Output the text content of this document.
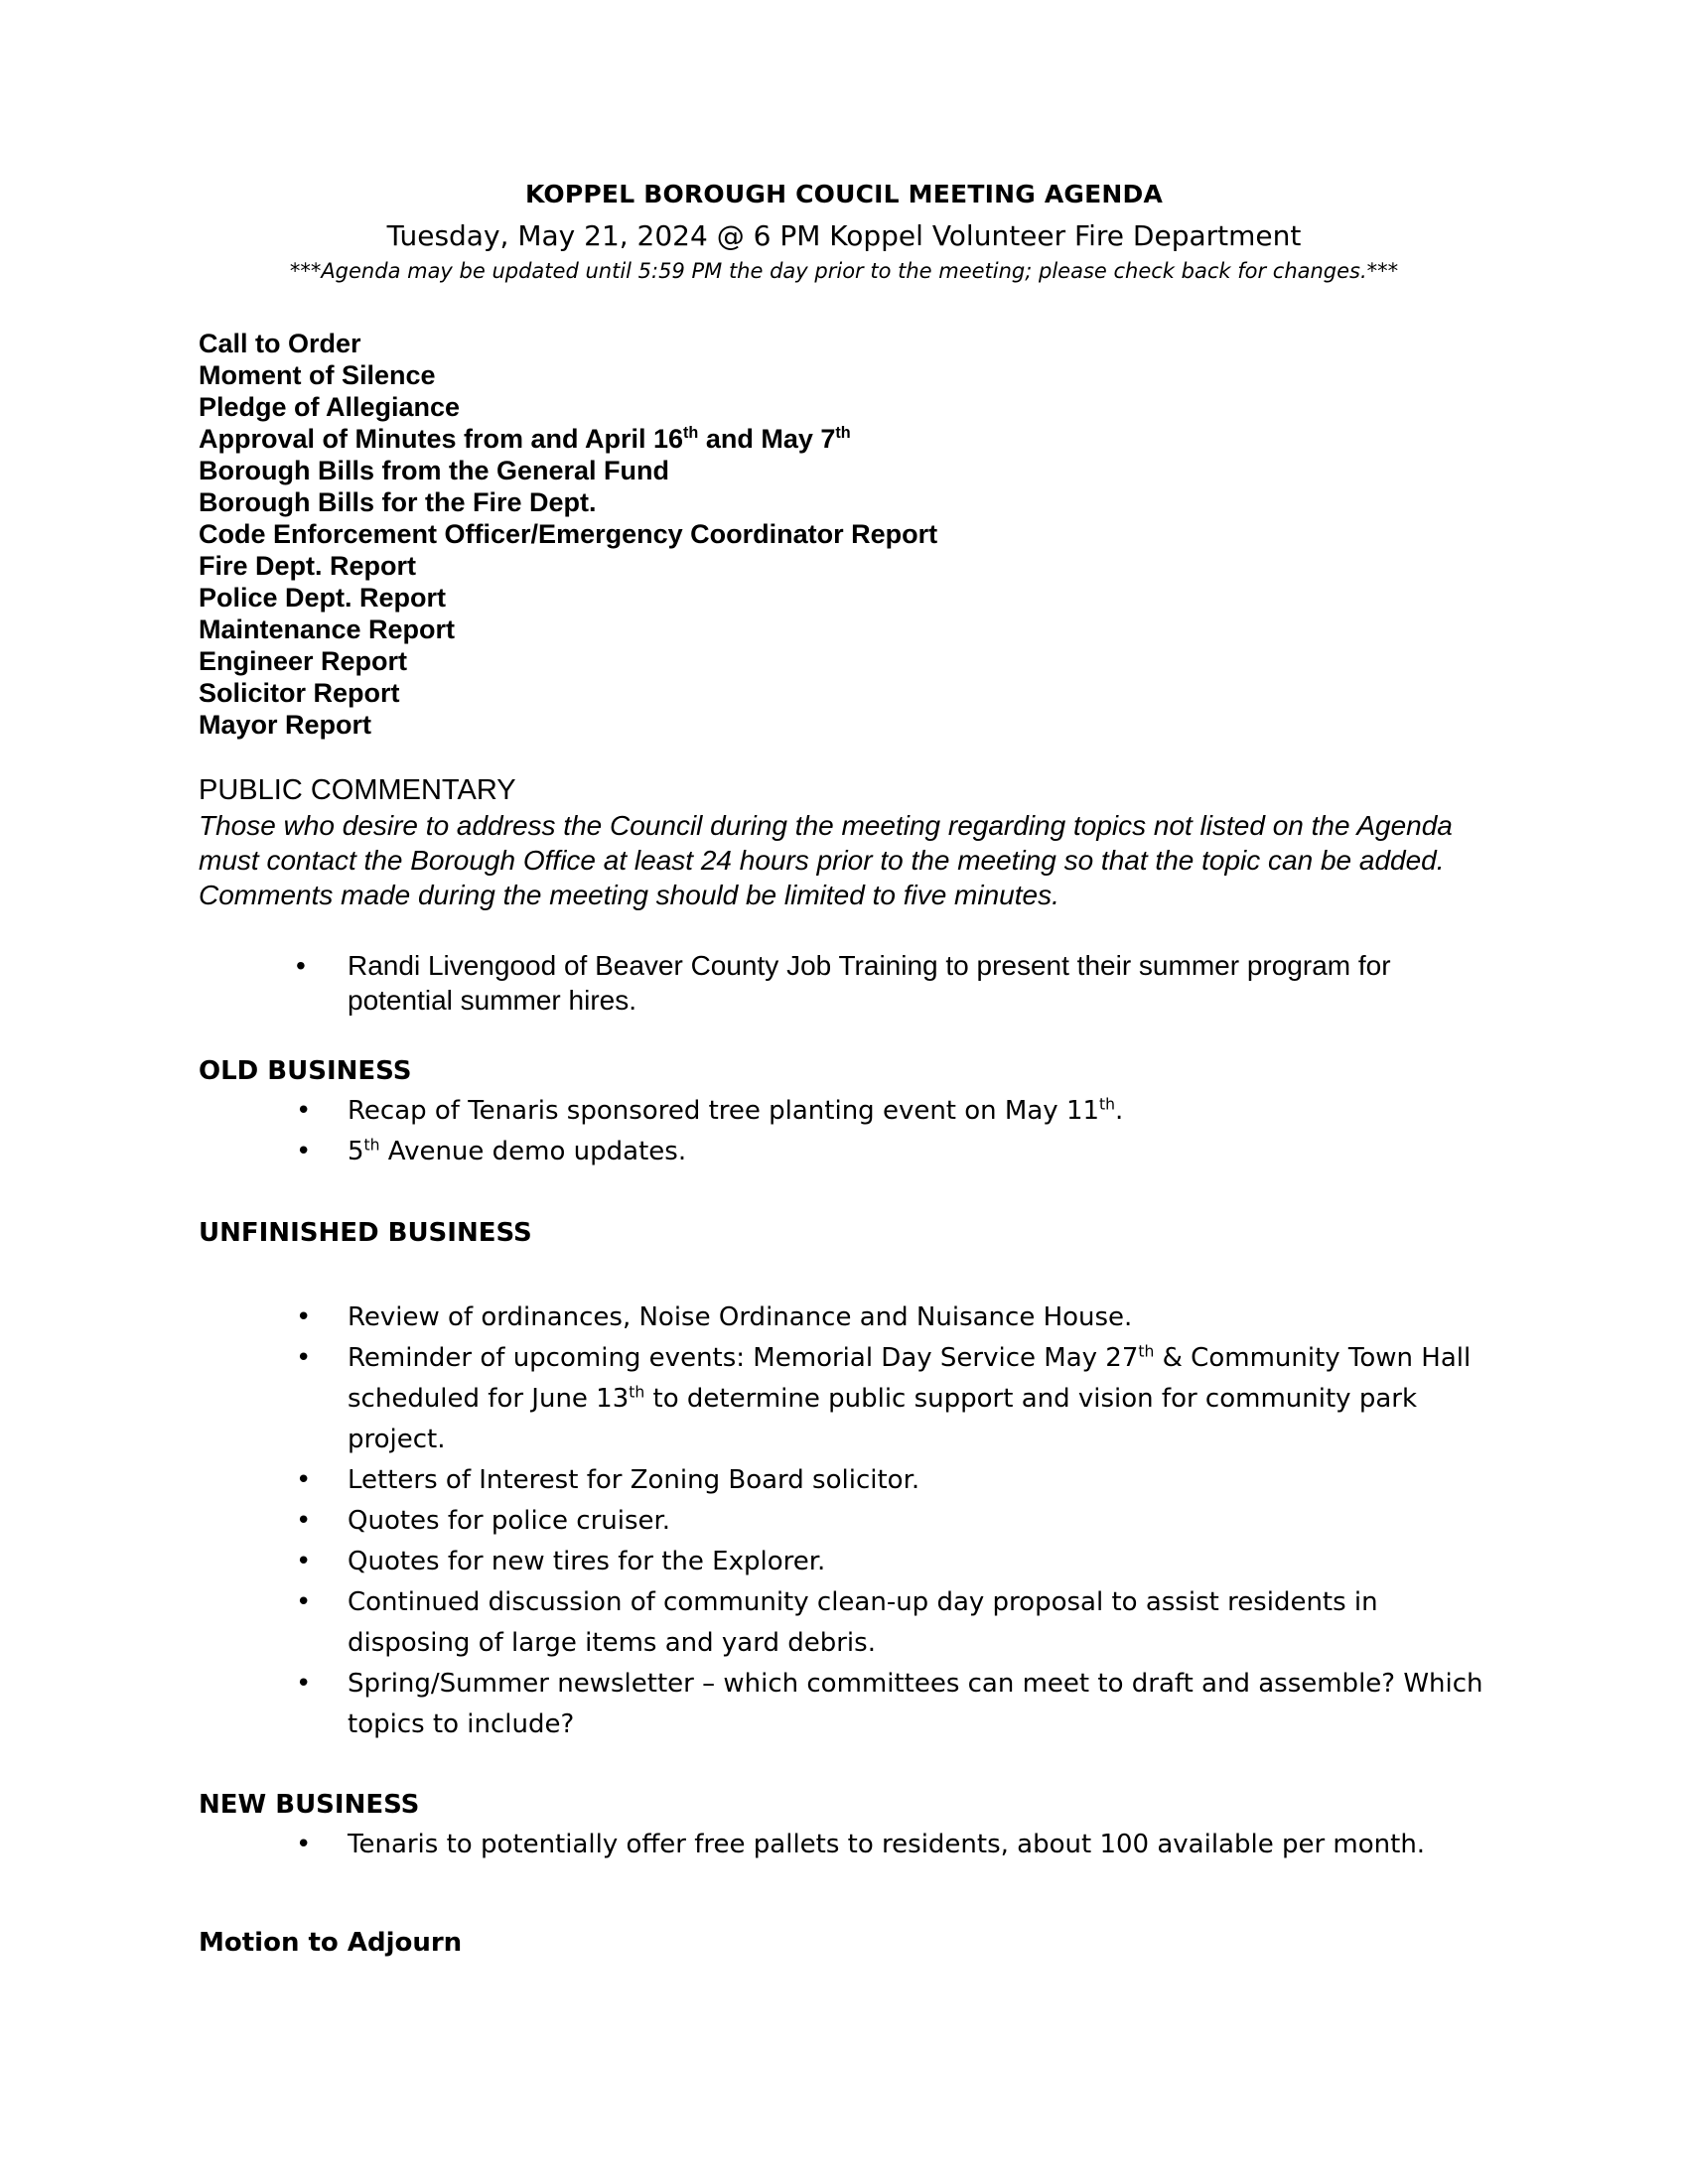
KOPPEL BOROUGH COUCIL MEETING AGENDA
Tuesday, May 21, 2024 @ 6 PM Koppel Volunteer Fire Department
***Agenda may be updated until 5:59 PM the day prior to the meeting; please check back for changes.***
Call to Order
Moment of Silence
Pledge of Allegiance
Approval of Minutes from and April 16th and May 7th
Borough Bills from the General Fund
Borough Bills for the Fire Dept.
Code Enforcement Officer/Emergency Coordinator Report
Fire Dept. Report
Police Dept. Report
Maintenance Report
Engineer Report
Solicitor Report
Mayor Report
PUBLIC COMMENTARY
Those who desire to address the Council during the meeting regarding topics not listed on the Agenda must contact the Borough Office at least 24 hours prior to the meeting so that the topic can be added. Comments made during the meeting should be limited to five minutes.
• Randi Livengood of Beaver County Job Training to present their summer program for potential summer hires.
OLD BUSINESS
• Recap of Tenaris sponsored tree planting event on May 11th.
• 5th Avenue demo updates.
UNFINISHED BUSINESS
• Review of ordinances, Noise Ordinance and Nuisance House.
• Reminder of upcoming events: Memorial Day Service May 27th & Community Town Hall scheduled for June 13th to determine public support and vision for community park project.
• Letters of Interest for Zoning Board solicitor.
• Quotes for police cruiser.
• Quotes for new tires for the Explorer.
• Continued discussion of community clean-up day proposal to assist residents in disposing of large items and yard debris.
• Spring/Summer newsletter – which committees can meet to draft and assemble? Which topics to include?
NEW BUSINESS
• Tenaris to potentially offer free pallets to residents, about 100 available per month.
Motion to Adjourn
